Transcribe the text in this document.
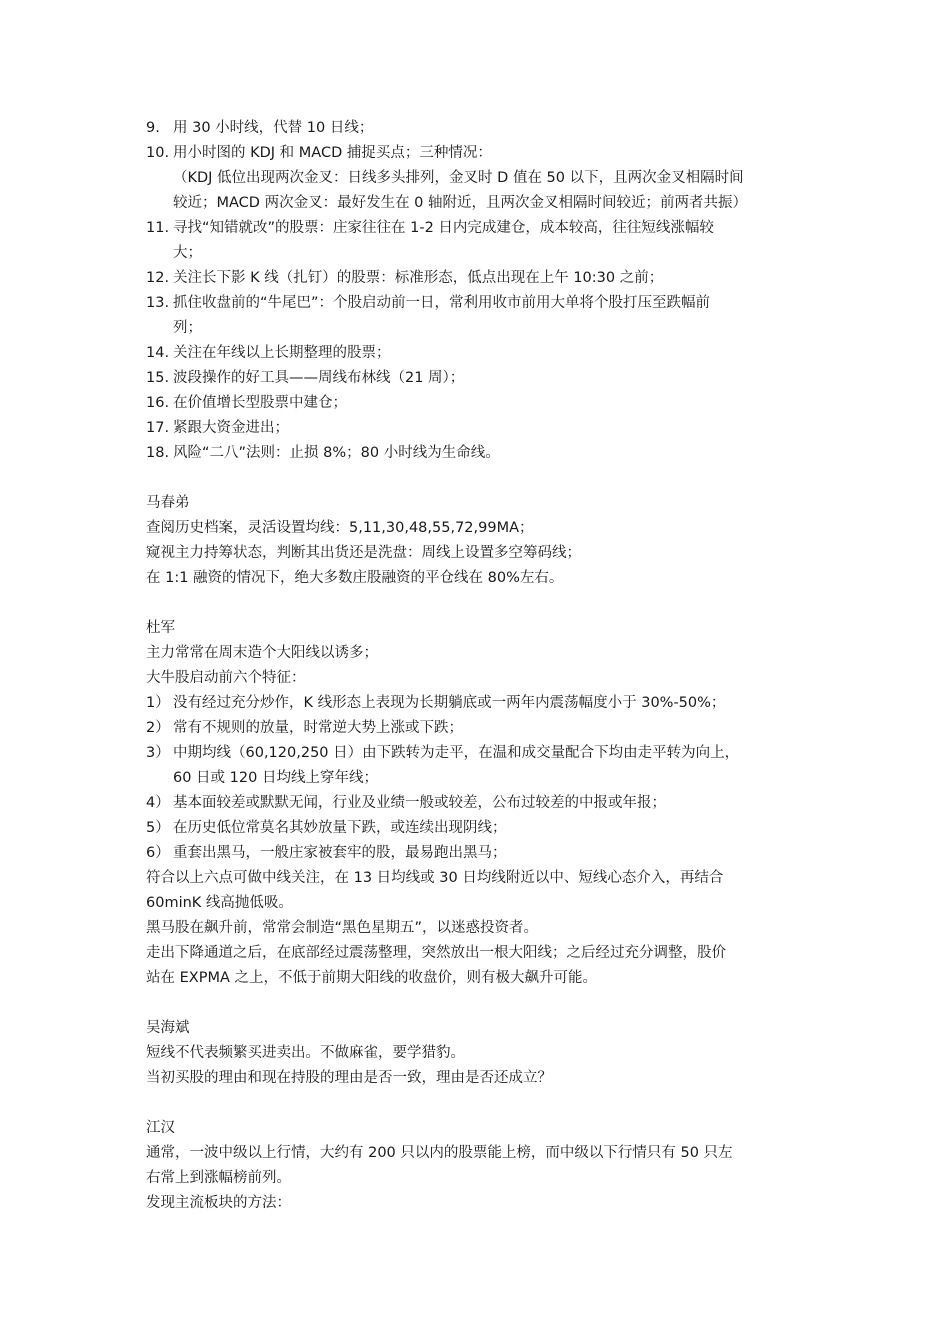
9. 用 30 小时线，代替 10 日线；
10. 用小时图的 KDJ 和 MACD 捕捉买点；三种情况：
（KDJ 低位出现两次金叉：日线多头排列，金叉时 D 值在 50 以下，且两次金叉相隔时间
较近；MACD 两次金叉：最好发生在 0 轴附近，且两次金叉相隔时间较近；前两者共振）
11. 寻找“知错就改”的股票：庄家往往在 1-2 日内完成建仓，成本较高，往往短线涨幅较
大；
12. 关注长下影 K 线（扎钉）的股票：标准形态，低点出现在上午 10:30 之前；
13. 抓住收盘前的“牛尾巴”：个股启动前一日，常利用收市前用大单将个股打压至跌幅前
列；
14. 关注在年线以上长期整理的股票；
15. 波段操作的好工具——周线布林线（21 周）；
16. 在价值增长型股票中建仓；
17. 紧跟大资金进出；
18. 风险“二八”法则：止损 8%；80 小时线为生命线。
马春弟
查阅历史档案，灵活设置均线：5,11,30,48,55,72,99MA；
窥视主力持筹状态，判断其出货还是洗盘：周线上设置多空筹码线；
在 1:1 融资的情况下，绝大多数庄股融资的平仓线在 80%左右。
杜军
主力常常在周末造个大阳线以诱多；
大牛股启动前六个特征：
1） 没有经过充分炒作，K 线形态上表现为长期躺底或一两年内震荡幅度小于 30%-50%；
2） 常有不规则的放量，时常逆大势上涨或下跌；
3） 中期均线（60,120,250 日）由下跌转为走平，在温和成交量配合下均由走平转为向上，
60 日或 120 日均线上穿年线；
4） 基本面较差或默默无闻，行业及业绩一般或较差，公布过较差的中报或年报；
5） 在历史低位常莫名其妙放量下跌，或连续出现阴线；
6） 重套出黑马，一般庄家被套牢的股，最易跑出黑马；
符合以上六点可做中线关注，在 13 日均线或 30 日均线附近以中、短线心态介入，再结合
60minK 线高抛低吸。
黑马股在飙升前，常常会制造“黑色星期五”，以迷惑投资者。
走出下降通道之后，在底部经过震荡整理，突然放出一根大阳线；之后经过充分调整，股价
站在 EXPMA 之上，不低于前期大阳线的收盘价，则有极大飙升可能。
吴海斌
短线不代表频繁买进卖出。不做麻雀，要学猎豹。
当初买股的理由和现在持股的理由是否一致，理由是否还成立？
江汉
通常，一波中级以上行情，大约有 200 只以内的股票能上榜，而中级以下行情只有 50 只左
右常上到涨幅榜前列。
发现主流板块的方法：
